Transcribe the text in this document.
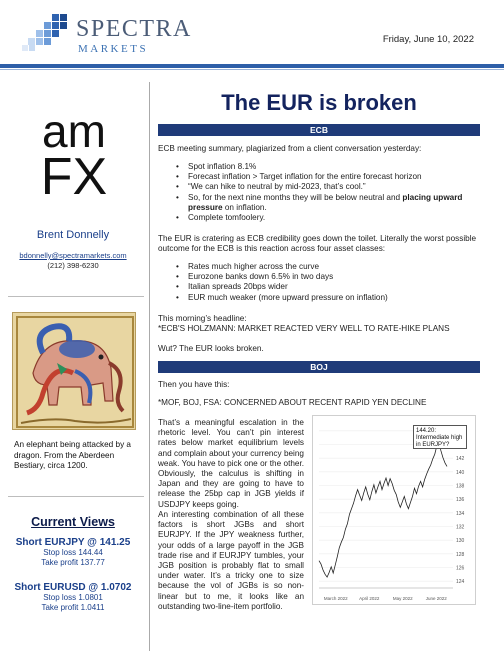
SPECTRA
MARKETS
Friday, June 10, 2022
am
FX
Brent Donnelly
bdonnelly@spectramarkets.com
(212) 398-6230
An elephant being attacked by a dragon. From the Aberdeen Bestiary, circa 1200.
Current Views
Short EURJPY @ 141.25
Stop loss 144.44
Take profit 137.77
Short EURUSD @ 1.0702
Stop loss 1.0801
Take profit 1.0411
The EUR is broken
ECB
ECB meeting summary, plagiarized from a client conversation yesterday:
• Spot inflation 8.1%
• Forecast inflation > Target inflation for the entire forecast horizon
• “We can hike to neutral by mid-2023, that’s cool.”
• So, for the next nine months they will be below neutral and placing upward pressure on inflation.
• Complete tomfoolery.
The EUR is cratering as ECB credibility goes down the toilet. Literally the worst possible outcome for the ECB is this reaction across four asset classes:
• Rates much higher across the curve
• Eurozone banks down 6.5% in two days
• Italian spreads 20bps wider
• EUR much weaker (more upward pressure on inflation)
This morning’s headline:
*ECB'S HOLZMANN: MARKET REACTED VERY WELL TO RATE-HIKE PLANS
Wut? The EUR looks broken.
BOJ
Then you have this:
*MOF, BOJ, FSA: CONCERNED ABOUT RECENT RAPID YEN DECLINE
That’s a meaningful escalation in the rhetoric level. You can’t pin interest rates below market equilibrium levels and complain about your currency being weak. You have to pick one or the other. Obviously, the calculus is shifting in Japan and they are going to have to release the 25bp cap in JGB yields if USDJPY keeps going.
An interesting combination of all these factors is short JGBs and short EURJPY. If the JPY weakness further, your odds of a large payoff in the JGB trade rise and if EURJPY tumbles, your JGB position is probably flat to small under water. It’s a tricky one to size because the vol of JGBs is so non-linear but to me, it looks like an outstanding two-line-item portfolio.
142
140
138
136
134
132
130
128
126
124
March 2022	April 2022	May 2022	June 2022
144.20: Intermediate high in EURJPY?
